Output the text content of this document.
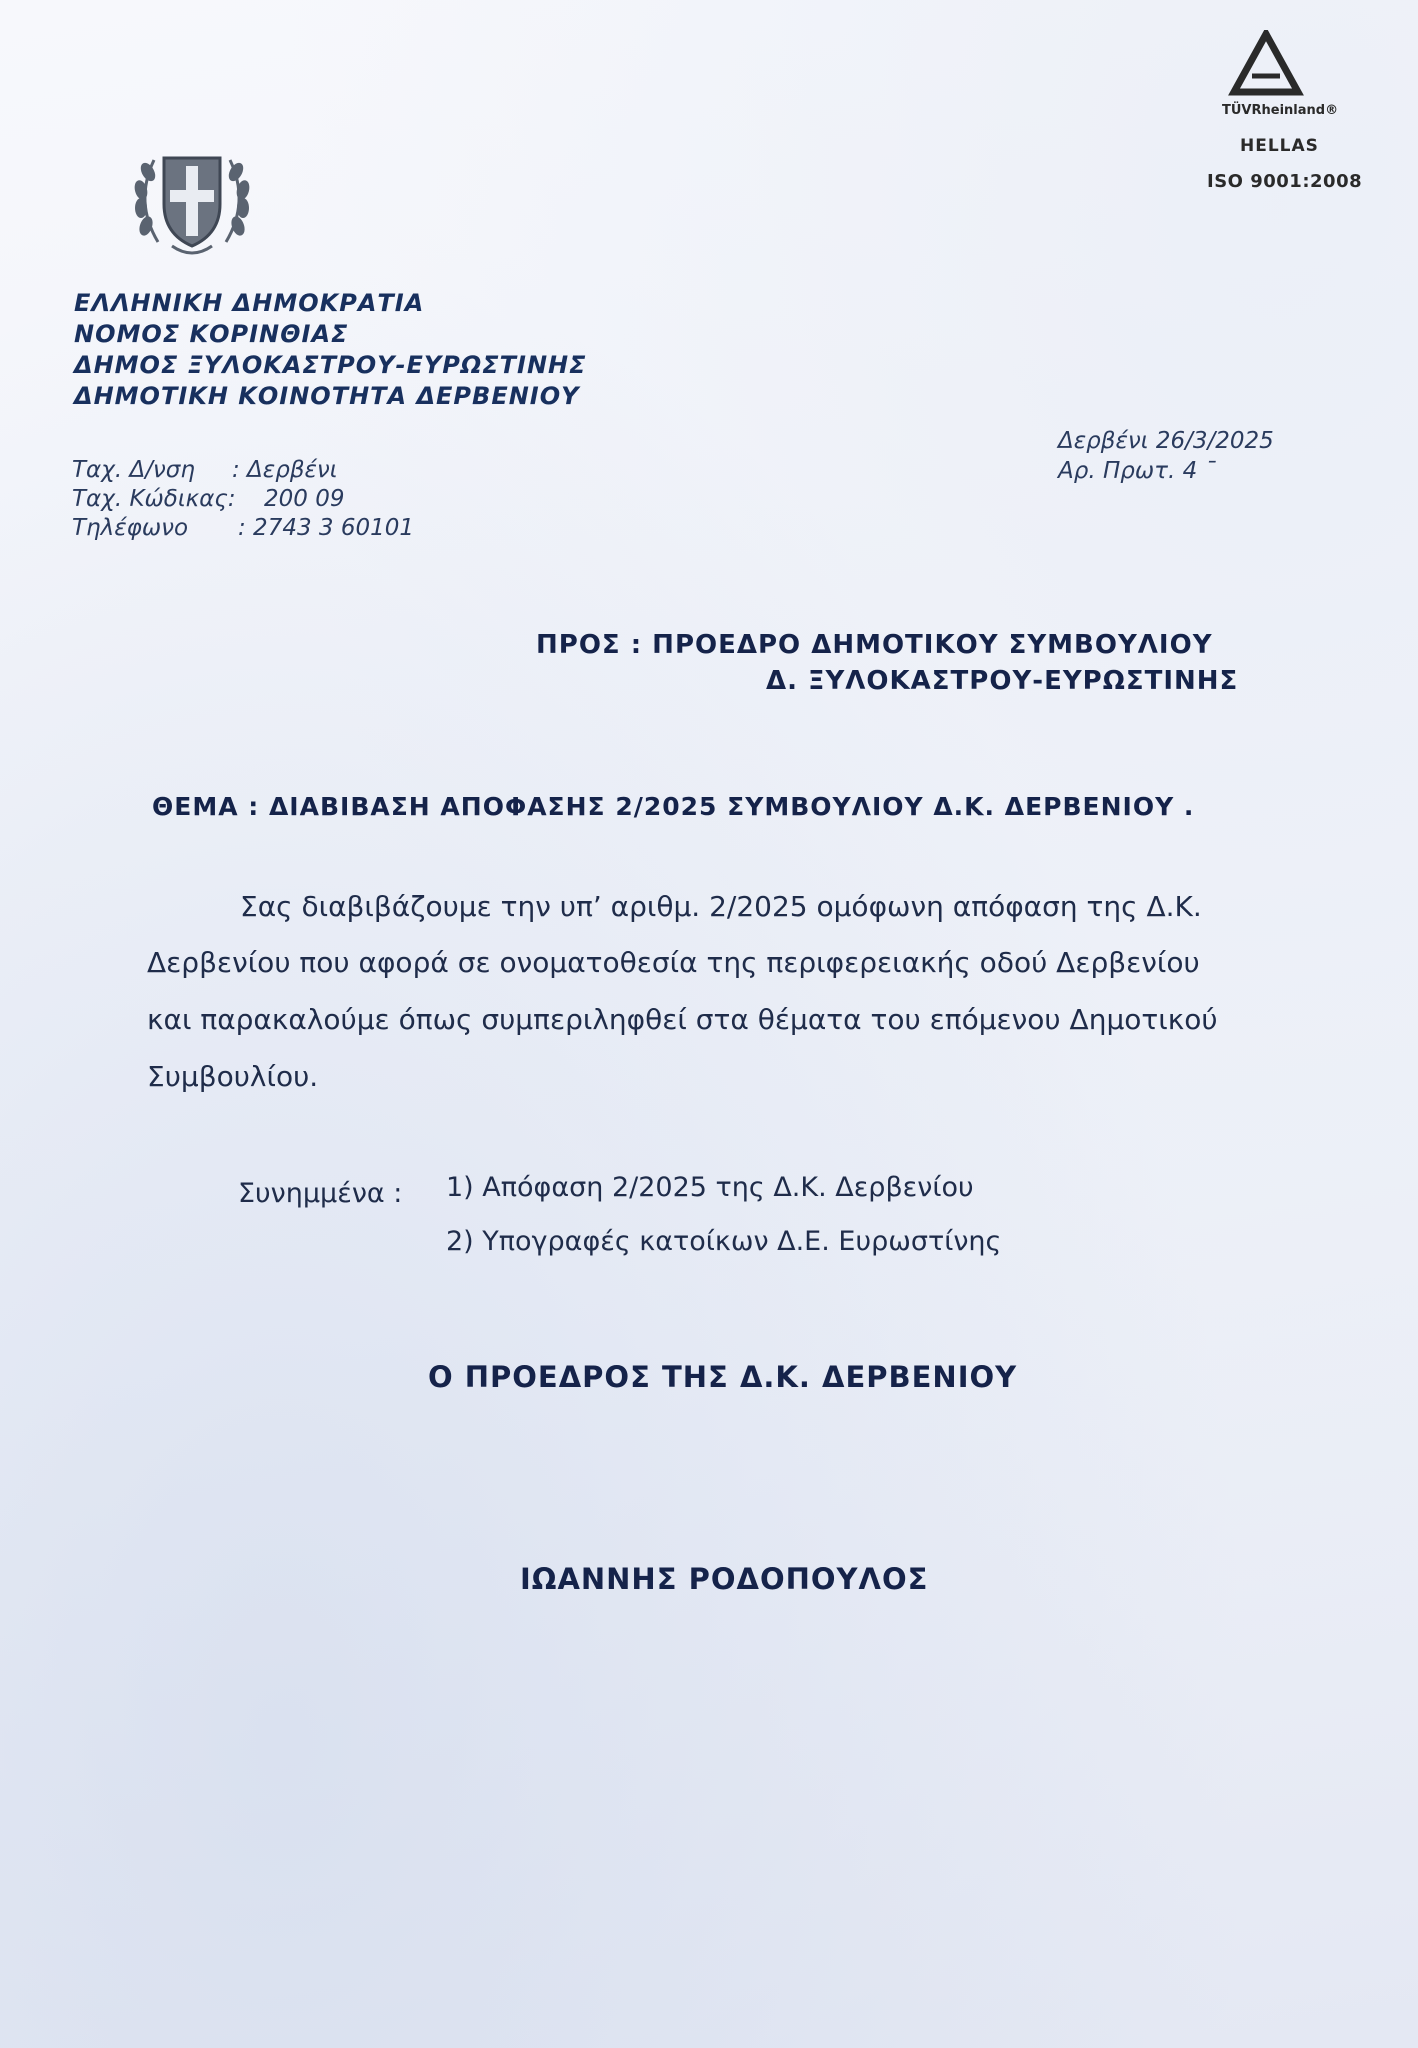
TÜVRheinland®
HELLAS
ISO 9001:2008
ΕΛΛΗΝΙΚΗ ΔΗΜΟΚΡΑΤΙΑ
ΝΟΜΟΣ ΚΟΡΙΝΘΙΑΣ
ΔΗΜΟΣ ΞΥΛΟΚΑΣΤΡΟΥ-ΕΥΡΩΣΤΙΝΗΣ
ΔΗΜΟΤΙΚΗ ΚΟΙΝΟΤΗΤΑ ΔΕΡΒΕΝΙΟΥ
Ταχ. Δ/νση : Δερβένι
Ταχ. Κώδικας: 200 09
Τηλέφωνο : 2743 3 60101
Δερβένι 26/3/2025
Αρ. Πρωτ. 4 ˉ
ΠΡΟΣ : ΠΡΟΕΔΡΟ ΔΗΜΟΤΙΚΟΥ ΣΥΜΒΟΥΛΙΟΥ
Δ. ΞΥΛΟΚΑΣΤΡΟΥ-ΕΥΡΩΣΤΙΝΗΣ
ΘΕΜΑ : ΔΙΑΒΙΒΑΣΗ ΑΠΟΦΑΣΗΣ 2/2025 ΣΥΜΒΟΥΛΙΟΥ Δ.Κ. ΔΕΡΒΕΝΙΟΥ .
Σας διαβιβάζουμε την υπ’ αριθμ. 2/2025 ομόφωνη απόφαση της Δ.Κ.
Δερβενίου που αφορά σε ονοματοθεσία της περιφερειακής οδού Δερβενίου
και παρακαλούμε όπως συμπεριληφθεί στα θέματα του επόμενου Δημοτικού
Συμβουλίου.
Συνημμένα : 1) Απόφαση 2/2025 της Δ.Κ. Δερβενίου
2) Υπογραφές κατοίκων Δ.Ε. Ευρωστίνης
Ο ΠΡΟΕΔΡΟΣ ΤΗΣ Δ.Κ. ΔΕΡΒΕΝΙΟΥ
ΙΩΑΝΝΗΣ ΡΟΔΟΠΟΥΛΟΣ
